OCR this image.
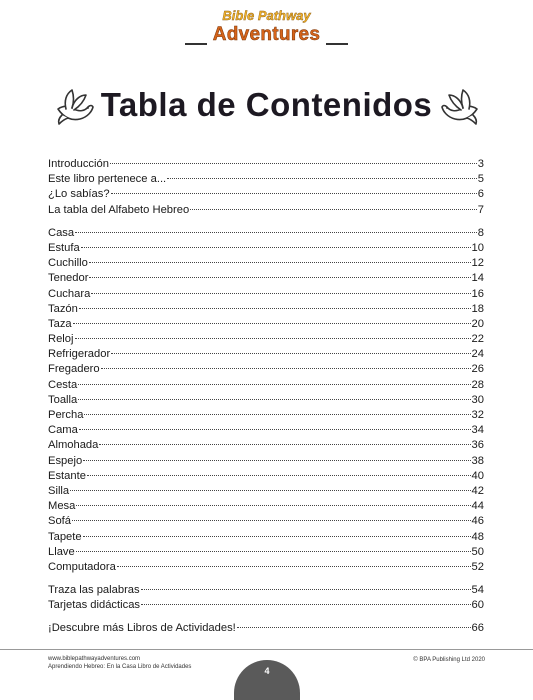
Bible Pathway
Adventures
Tabla de Contenidos
Introducción	3
Este libro pertenece a...	5
¿Lo sabías?	6
La tabla del Alfabeto Hebreo	7
Casa	8
Estufa	10
Cuchillo	12
Tenedor	14
Cuchara	16
Tazón	18
Taza	20
Reloj	22
Refrigerador	24
Fregadero	26
Cesta	28
Toalla	30
Percha	32
Cama	34
Almohada	36
Espejo	38
Estante	40
Silla	42
Mesa	44
Sofá	46
Tapete	48
Llave	50
Computadora	52
Traza las palabras	54
Tarjetas didácticas	60
¡Descubre más Libros de Actividades!	66
www.biblepathwayadventures.com
Aprendiendo Hebreo: En la Casa Libro de Actividades
© BPA Publishing Ltd 2020
4
